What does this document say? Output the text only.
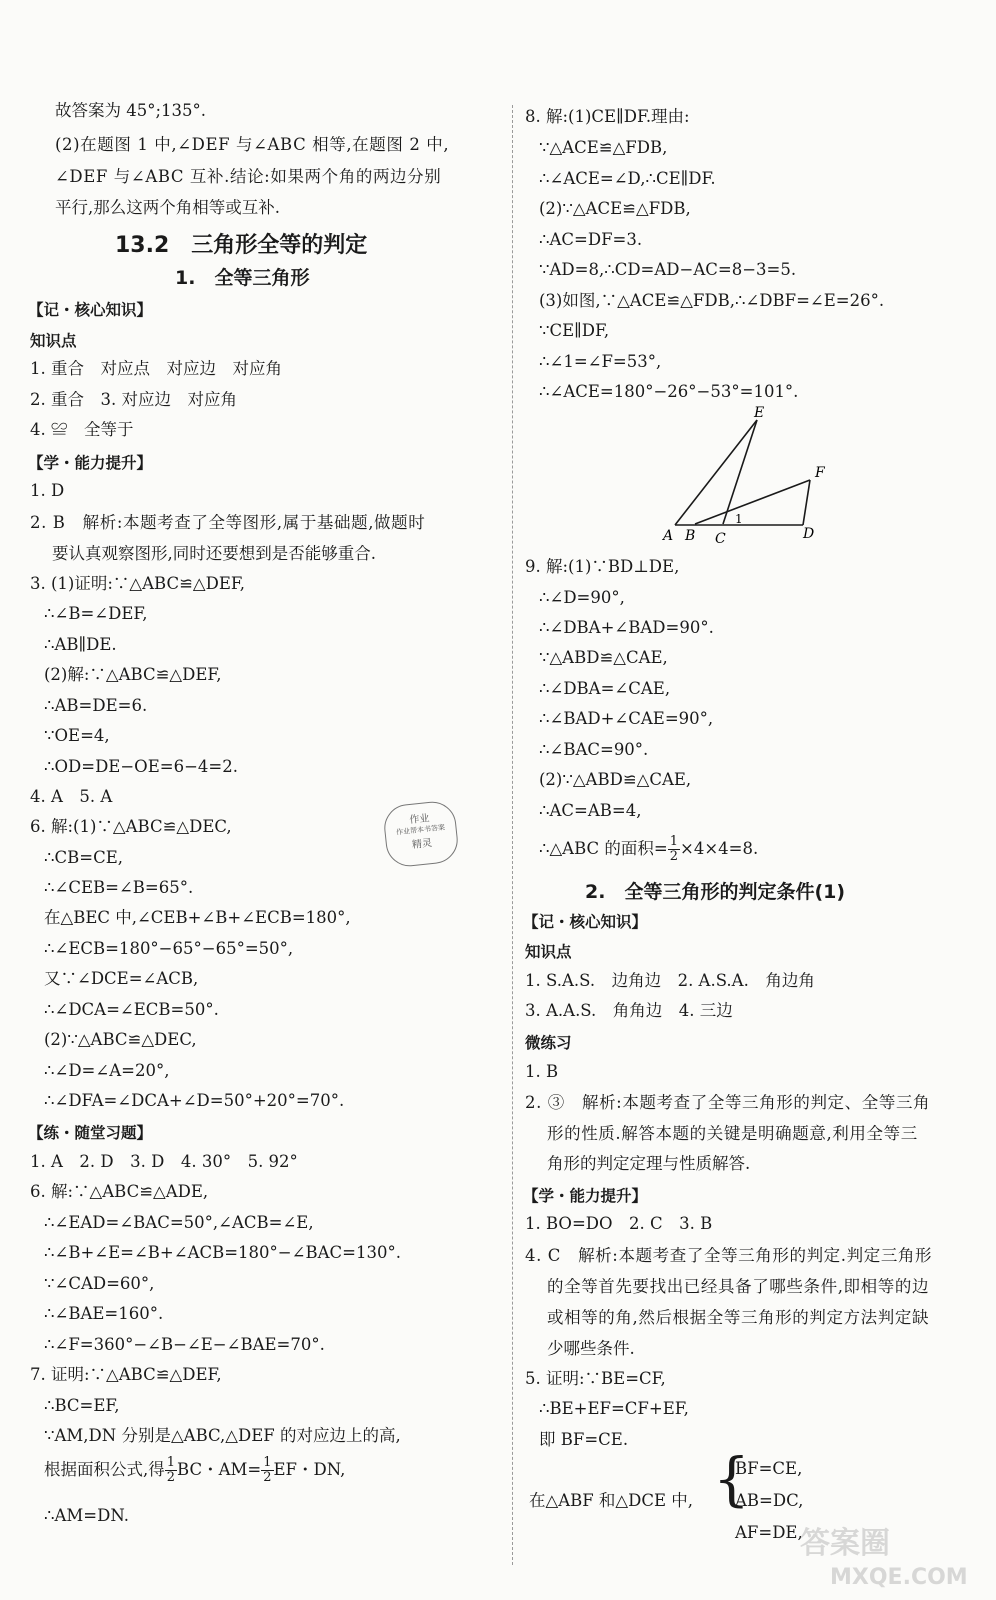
故答案为 45°;135°.
(2)在题图 1 中,∠DEF 与∠ABC 相等,在题图 2 中,
∠DEF 与∠ABC 互补.结论:如果两个角的两边分别
平行,那么这两个角相等或互补.
13.2　三角形全等的判定
1.　全等三角形
【记・核心知识】
知识点
1. 重合　对应点　对应边　对应角
2. 重合　3. 对应边　对应角
4. ≌　全等于
【学・能力提升】
1. D
2. B　解析:本题考查了全等图形,属于基础题,做题时
要认真观察图形,同时还要想到是否能够重合.
3. (1)证明:∵△ABC≌△DEF,
∴∠B=∠DEF,
∴AB∥DE.
(2)解:∵△ABC≌△DEF,
∴AB=DE=6.
∵OE=4,
∴OD=DE−OE=6−4=2.
4. A　5. A
6. 解:(1)∵△ABC≌△DEC,
∴CB=CE,
∴∠CEB=∠B=65°.
在△BEC 中,∠CEB+∠B+∠ECB=180°,
∴∠ECB=180°−65°−65°=50°,
又∵∠DCE=∠ACB,
∴∠DCA=∠ECB=50°.
(2)∵△ABC≌△DEC,
∴∠D=∠A=20°,
∴∠DFA=∠DCA+∠D=50°+20°=70°.
【练・随堂习题】
1. A　2. D　3. D　4. 30°　5. 92°
6. 解:∵△ABC≌△ADE,
∴∠EAD=∠BAC=50°,∠ACB=∠E,
∴∠B+∠E=∠B+∠ACB=180°−∠BAC=130°.
∵∠CAD=60°,
∴∠BAE=160°.
∴∠F=360°−∠B−∠E−∠BAE=70°.
7. 证明:∵△ABC≌△DEF,
∴BC=EF,
∵AM,DN 分别是△ABC,△DEF 的对应边上的高,
根据面积公式,得 $\frac{1}{2}$ BC・$AM= \frac{1}{2}$ EF・DN,
∴AM=DN.
作业
作业帮本书答案
精灵
8. 解:(1)CE∥DF.理由:
∵△ACE≌△FDB,
∴∠ACE=∠D,∴CE∥DF.
(2)∵△ACE≌△FDB,
∴AC=DF=3.
∵AD=8,∴CD=AD−AC=8−3=5.
(3)如图,∵△ACE≌△FDB,∴∠DBF=∠E=26°.
∵CE∥DF,
∴∠1=∠F=53°,
∴∠ACE=180°−26°−53°=101°.
E
F
A B C	D
1
9. 解:(1)∵BD⊥DE,
∴∠D=90°,
∴∠DBA+∠BAD=90°.
∵△ABD≌△CAE,
∴∠DBA=∠CAE,
∴∠BAD+∠CAE=90°,
∴∠BAC=90°.
(2)∵△ABD≌△CAE,
∴AC=AB=4,
∴△ABC 的面积= $\frac{1}{2} \times 4\times 4=8$.
2.　全等三角形的判定条件(1)
【记・核心知识】
知识点
1. S.A.S.　边角边　2. A.S.A.　角边角
3. A.A.S.　角角边　4. 三边
微练习
1. B
2. ③　解析:本题考查了全等三角形的判定、全等三角
形的性质.解答本题的关键是明确题意,利用全等三
角形的判定定理与性质解答.
【学・能力提升】
1. BO=DO　2. C　3. B
4. C　解析:本题考查了全等三角形的判定.判定三角形
的全等首先要找出已经具备了哪些条件,即相等的边
或相等的角,然后根据全等三角形的判定方法判定缺
少哪些条件.
5. 证明:∵BE=CF,
∴BE+EF=CF+EF,
即 BF=CE.
在△ABF 和△DCE 中, {
BF=CE,
AB=DC,
AF=DE,
答案圈
MXQE.COM
